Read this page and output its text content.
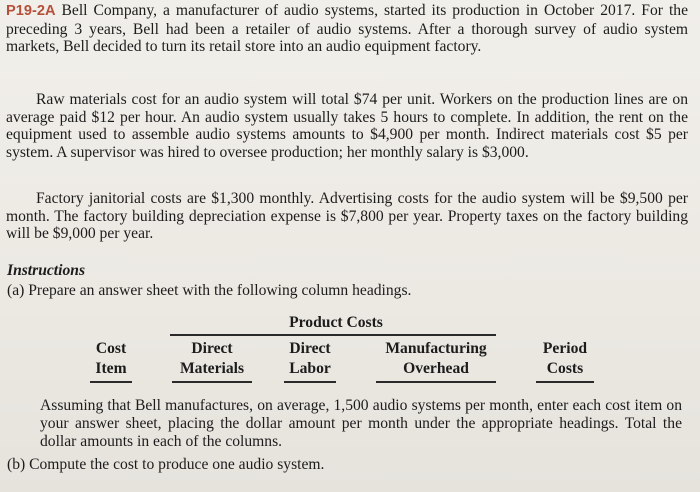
P19-2A Bell Company, a manufacturer of audio systems, started its production in October 2017. For the preceding 3 years, Bell had been a retailer of audio systems. After a thorough survey of audio system markets, Bell decided to turn its retail store into an audio equipment factory.
Raw materials cost for an audio system will total $74 per unit. Workers on the production lines are on average paid $12 per hour. An audio system usually takes 5 hours to complete. In addition, the rent on the equipment used to assemble audio systems amounts to $4,900 per month. Indirect materials cost $5 per system. A supervisor was hired to oversee production; her monthly salary is $3,000.
Factory janitorial costs are $1,300 monthly. Advertising costs for the audio system will be $9,500 per month. The factory building depreciation expense is $7,800 per year. Property taxes on the factory building will be $9,000 per year.
Instructions
(a) Prepare an answer sheet with the following column headings.
Product Costs
Cost
Item
Direct
Materials
Direct
Labor
Manufacturing
Overhead
Period
Costs
Assuming that Bell manufactures, on average, 1,500 audio systems per month, enter each cost item on your answer sheet, placing the dollar amount per month under the appropriate headings. Total the dollar amounts in each of the columns.
(b) Compute the cost to produce one audio system.
